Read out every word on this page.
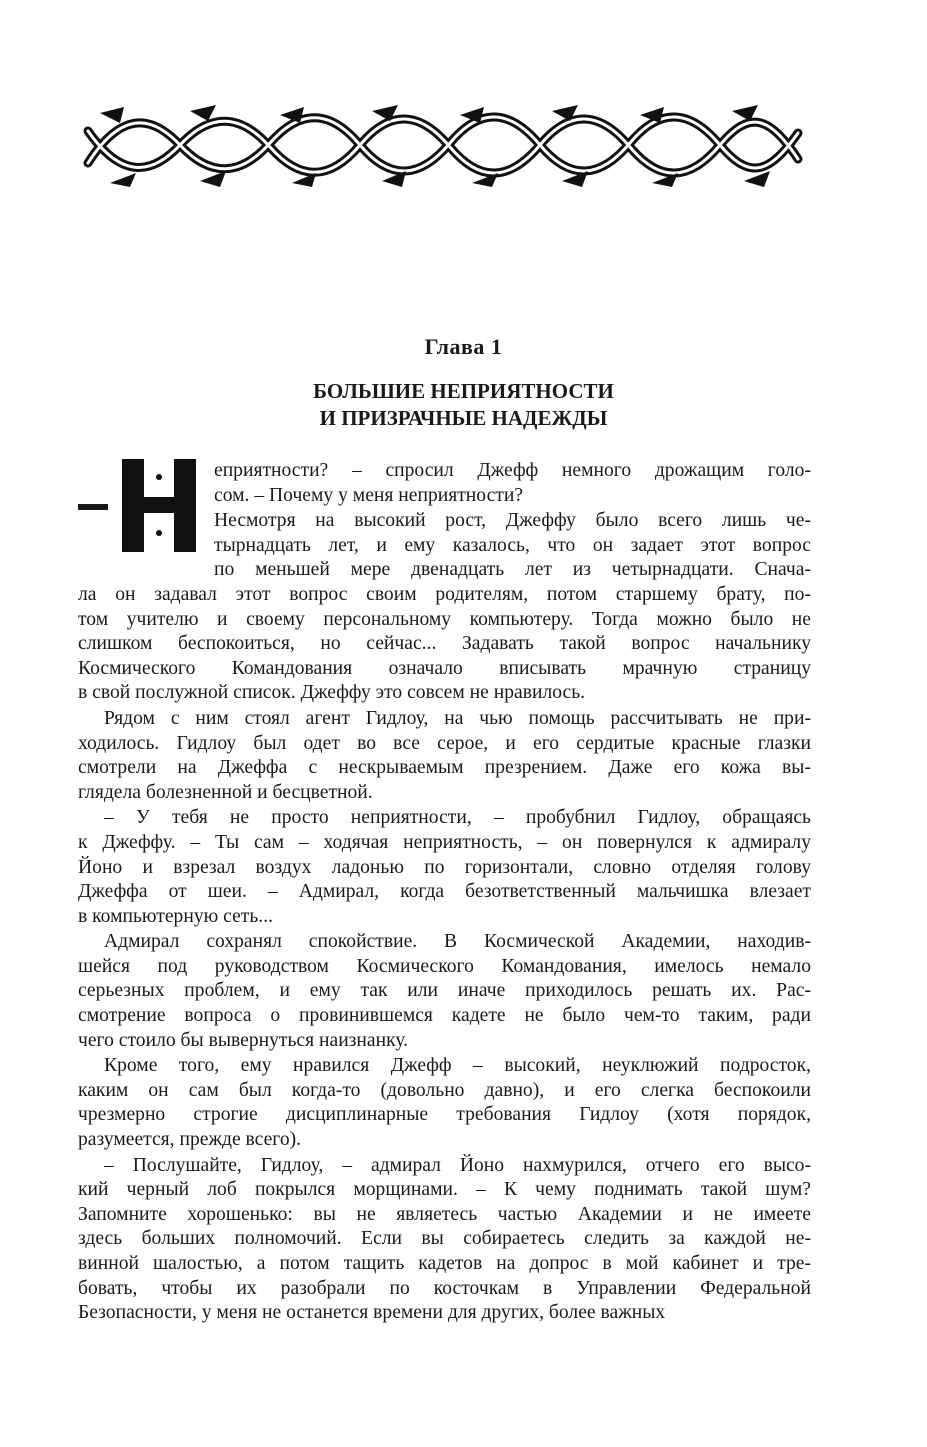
Глава 1
БОЛЬШИЕ НЕПРИЯТНОСТИ
И ПРИЗРАЧНЫЕ НАДЕЖДЫ
еприятности? – спросил Джефф немного дрожащим голо-
сом. – Почему у меня неприятности?
Несмотря на высокий рост, Джеффу было всего лишь че-
тырнадцать лет, и ему казалось, что он задает этот вопрос
по меньшей мере двенадцать лет из четырнадцати. Снача-
ла он задавал этот вопрос своим родителям, потом старшему брату, по-
том учителю и своему персональному компьютеру. Тогда можно было не
слишком беспокоиться, но сейчас... Задавать такой вопрос начальнику
Космического Командования означало вписывать мрачную страницу
в свой послужной список. Джеффу это совсем не нравилось.
Рядом с ним стоял агент Гидлоу, на чью помощь рассчитывать не при-
ходилось. Гидлоу был одет во все серое, и его сердитые красные глазки
смотрели на Джеффа с нескрываемым презрением. Даже его кожа вы-
глядела болезненной и бесцветной.
– У тебя не просто неприятности, – пробубнил Гидлоу, обращаясь
к Джеффу. – Ты сам – ходячая неприятность, – он повернулся к адмиралу
Йоно и взрезал воздух ладонью по горизонтали, словно отделяя голову
Джеффа от шеи. – Адмирал, когда безответственный мальчишка влезает
в компьютерную сеть...
Адмирал сохранял спокойствие. В Космической Академии, находив-
шейся под руководством Космического Командования, имелось немало
серьезных проблем, и ему так или иначе приходилось решать их. Рас-
смотрение вопроса о провинившемся кадете не было чем-то таким, ради
чего стоило бы вывернуться наизнанку.
Кроме того, ему нравился Джефф – высокий, неуклюжий подросток,
каким он сам был когда-то (довольно давно), и его слегка беспокоили
чрезмерно строгие дисциплинарные требования Гидлоу (хотя порядок,
разумеется, прежде всего).
– Послушайте, Гидлоу, – адмирал Йоно нахмурился, отчего его высо-
кий черный лоб покрылся морщинами. – К чему поднимать такой шум?
Запомните хорошенько: вы не являетесь частью Академии и не имеете
здесь больших полномочий. Если вы собираетесь следить за каждой не-
винной шалостью, а потом тащить кадетов на допрос в мой кабинет и тре-
бовать, чтобы их разобрали по косточкам в Управлении Федеральной
Безопасности, у меня не останется времени для других, более важных
